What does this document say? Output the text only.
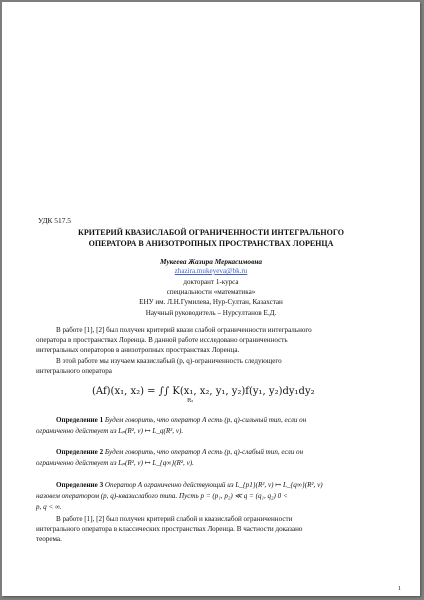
УДК 517.5
КРИТЕРИЙ КВАЗИСЛАБОЙ ОГРАНИЧЕННОСТИ ИНТЕГРАЛЬНОГО
ОПЕРАТОРА В АНИЗОТРОПНЫХ ПРОСТРАНСТВАХ ЛОРЕНЦА
Мукеева Жазира Меркасимовна
zhazira.mukeyeva@bk.ru
докторант 1-курса
специальности «математика»
ЕНУ им. Л.Н.Гумилева, Нур-Султан, Казахстан
Научный руководитель – Нурсултанов Е.Д.
В работе [1], [2] был получен критерий квази слабой ограниченности интегрального
оператора в пространствах Лоренца. В данной работе исследовано ограниченность
интегральных операторов в анизотропных пространствах Лоренца.
В этой работе мы изучаем квазислабый (p, q)-ограниченность следующего
интегрального оператора
(Af)(x₁, x₂) = ∫∫ K(x₁, x₂, y₁, y₂)f(y₁, y₂)dy₁dy₂
R₂
Определение 1 Будем говорить, что оператор A есть (p, q)-сильный тип, если он
ограниченно действует из Lₚ(R², ν) ↦ L_q(R², ν).
Определение 2 Будем говорить, что оператор A есть (p, q)-слабый тип, если он
ограниченно действует из Lₚ(R², ν) ↦ L_{q∞}(R², ν).
Определение 3 Оператор A ограниченно действующий из L_{p1}(R², ν) ↦ L_{q∞}(R², ν)
назовем оператором (p, q)-квазислабого типа. Пусть p = (p₁, p₂) ≪ q = (q₁, q₂) 0 <
p, q < ∞.
В работе [1], [2] был получен критерий слабой и квазислабой ограниченности
интегрального оператора в классических пространствах Лоренца. В частности доказано
теорема.
1
